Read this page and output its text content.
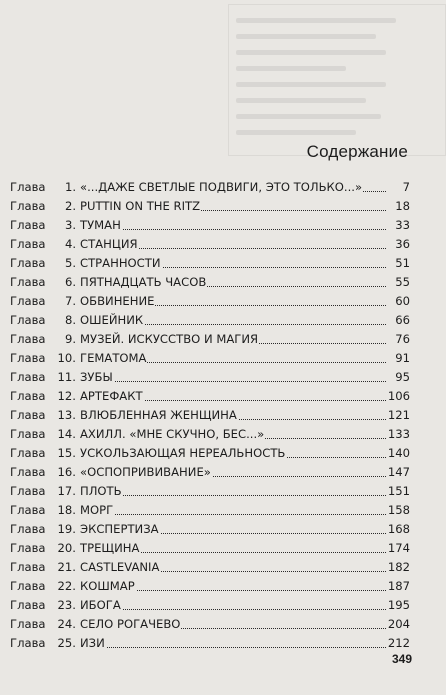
Содержание
Глава	1. «...ДАЖЕ СВЕТЛЫЕ ПОДВИГИ, ЭТО ТОЛЬКО...»	7
Глава	2. PUTTIN ON THE RITZ	18
Глава	3. ТУМАН	33
Глава	4. СТАНЦИЯ	36
Глава	5. СТРАННОСТИ	51
Глава	6. ПЯТНАДЦАТЬ ЧАСОВ	55
Глава	7. ОБВИНЕНИЕ	60
Глава	8. ОШЕЙНИК	66
Глава	9. МУЗЕЙ. ИСКУССТВО И МАГИЯ	76
Глава	10. ГЕМАТОМА	91
Глава	11. ЗУБЫ	95
Глава	12. АРТЕФАКТ	106
Глава	13. ВЛЮБЛЕННАЯ ЖЕНЩИНА	121
Глава	14. АХИЛЛ. «МНЕ СКУЧНО, БЕС...»	133
Глава	15. УСКОЛЬЗАЮЩАЯ НЕРЕАЛЬНОСТЬ	140
Глава	16. «ОСПОПРИВИВАНИЕ»	147
Глава	17. ПЛОТЬ	151
Глава	18. МОРГ	158
Глава	19. ЭКСПЕРТИЗА	168
Глава	20. ТРЕЩИНА	174
Глава	21. CASTLEVANIA	182
Глава	22. КОШМАР	187
Глава	23. ИБОГА	195
Глава	24. СЕЛО РОГАЧЕВО	204
Глава	25. ИЗИ	212
349
